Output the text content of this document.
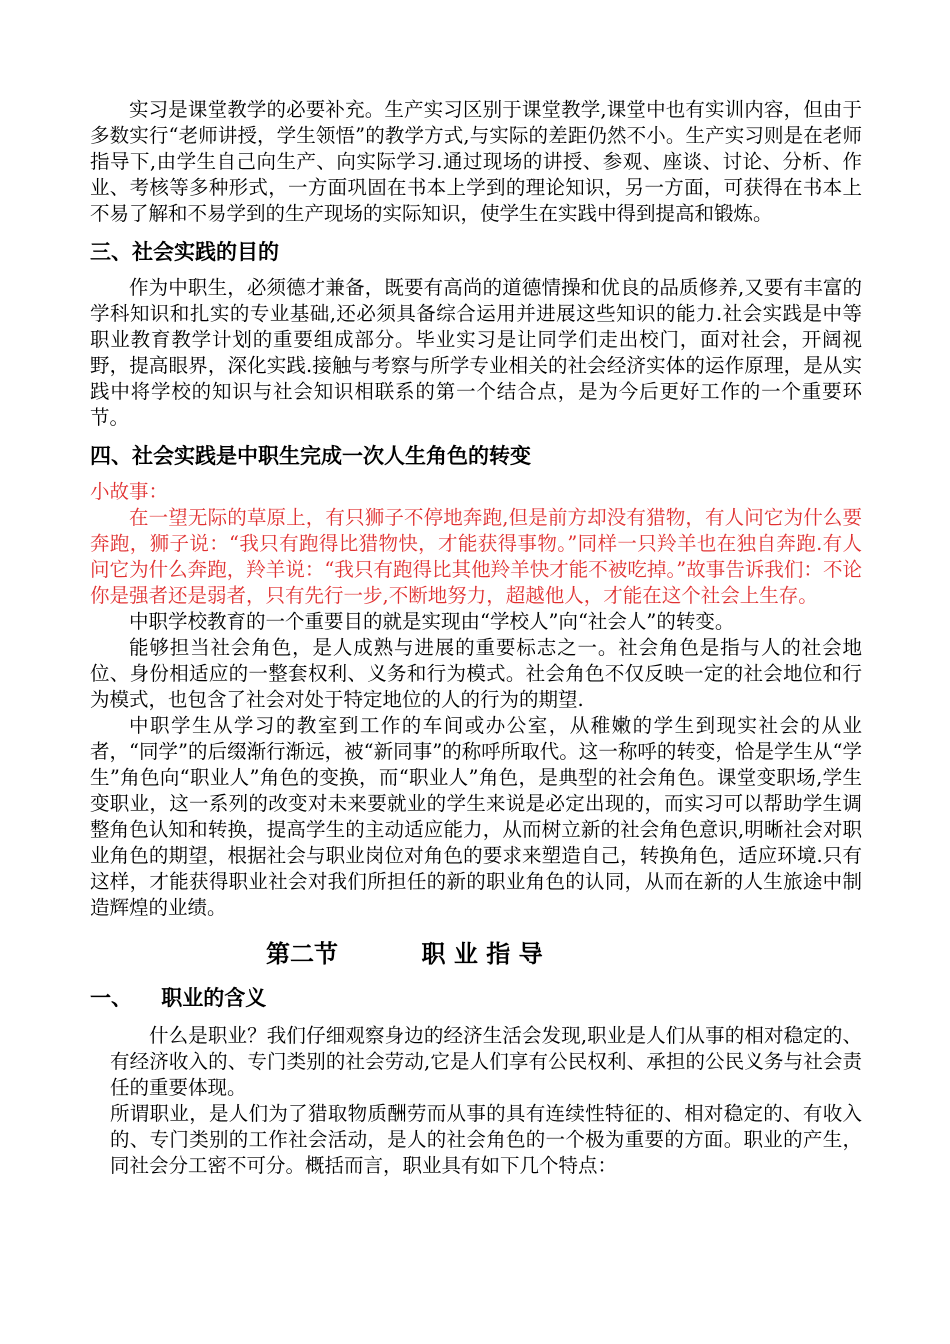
实习是课堂教学的必要补充。生产实习区别于课堂教学,课堂中也有实训内容，但由于多数实行“老师讲授，学生领悟”的教学方式,与实际的差距仍然不小。生产实习则是在老师指导下,由学生自己向生产、向实际学习.通过现场的讲授、参观、座谈、讨论、分析、作业、考核等多种形式，一方面巩固在书本上学到的理论知识，另一方面，可获得在书本上不易了解和不易学到的生产现场的实际知识，使学生在实践中得到提高和锻炼。

三、社会实践的目的

作为中职生，必须德才兼备，既要有高尚的道德情操和优良的品质修养,又要有丰富的学科知识和扎实的专业基础,还必须具备综合运用并进展这些知识的能力.社会实践是中等职业教育教学计划的重要组成部分。毕业实习是让同学们走出校门，面对社会，开阔视野，提高眼界，深化实践.接触与考察与所学专业相关的社会经济实体的运作原理，是从实践中将学校的知识与社会知识相联系的第一个结合点，是为今后更好工作的一个重要环节。

四、社会实践是中职生完成一次人生角色的转变

小故事：

在一望无际的草原上，有只狮子不停地奔跑,但是前方却没有猎物，有人问它为什么要奔跑，狮子说：“我只有跑得比猎物快，才能获得事物。”同样一只羚羊也在独自奔跑.有人问它为什么奔跑，羚羊说：“我只有跑得比其他羚羊快才能不被吃掉。”故事告诉我们：不论你是强者还是弱者，只有先行一步,不断地努力，超越他人，才能在这个社会上生存。

中职学校教育的一个重要目的就是实现由“学校人”向“社会人”的转变。

能够担当社会角色，是人成熟与进展的重要标志之一。社会角色是指与人的社会地位、身份相适应的一整套权利、义务和行为模式。社会角色不仅反映一定的社会地位和行为模式，也包含了社会对处于特定地位的人的行为的期望.

中职学生从学习的教室到工作的车间或办公室，从稚嫩的学生到现实社会的从业者，“同学”的后缀渐行渐远，被“新同事”的称呼所取代。这一称呼的转变，恰是学生从“学生”角色向“职业人”角色的变换，而“职业人”角色，是典型的社会角色。课堂变职场,学生变职业，这一系列的改变对未来要就业的学生来说是必定出现的，而实习可以帮助学生调整角色认知和转换，提高学生的主动适应能力，从而树立新的社会角色意识,明晰社会对职业角色的期望，根据社会与职业岗位对角色的要求来塑造自己，转换角色，适应环境.只有这样，才能获得职业社会对我们所担任的新的职业角色的认同，从而在新的人生旅途中制造辉煌的业绩。

第二节          职 业 指 导
一、    职业的含义

什么是职业？我们仔细观察身边的经济生活会发现,职业是人们从事的相对稳定的、有经济收入的、专门类别的社会劳动,它是人们享有公民权利、承担的公民义务与社会责任的重要体现。

所谓职业，是人们为了猎取物质酬劳而从事的具有连续性特征的、相对稳定的、有收入的、专门类别的工作社会活动，是人的社会角色的一个极为重要的方面。职业的产生，同社会分工密不可分。概括而言，职业具有如下几个特点：
